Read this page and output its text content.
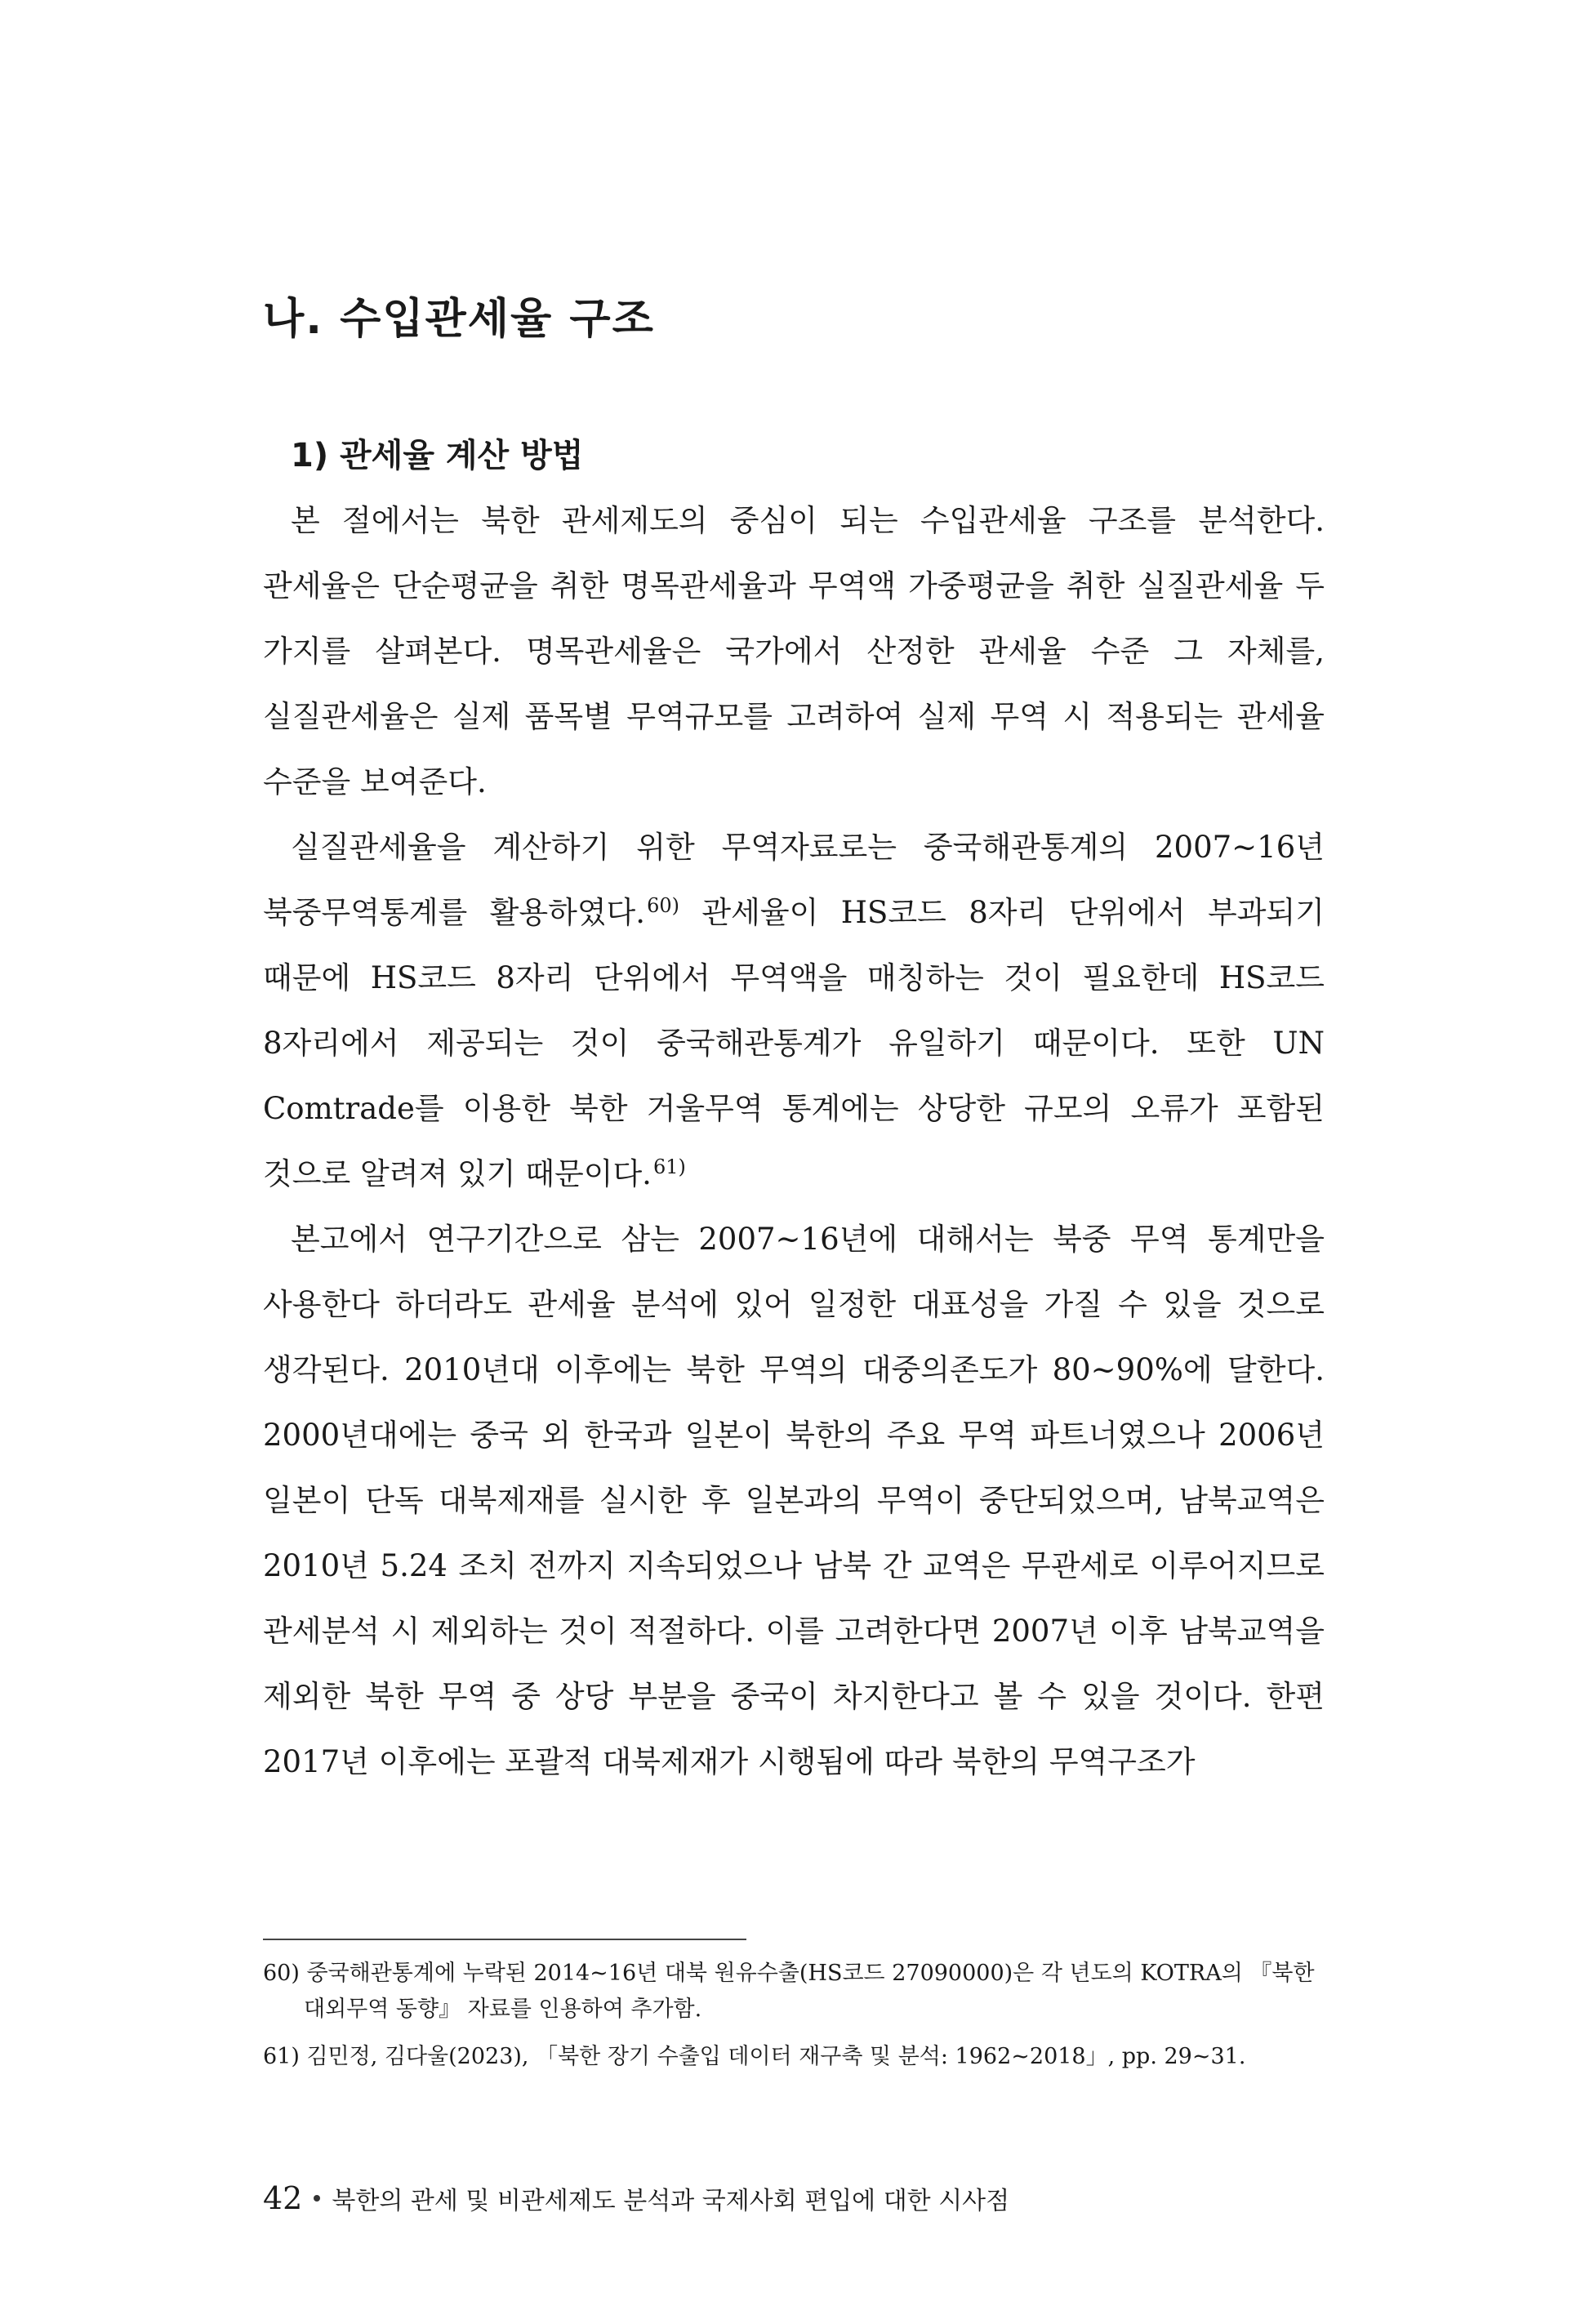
나. 수입관세율 구조
1) 관세율 계산 방법

본 절에서는 북한 관세제도의 중심이 되는 수입관세율 구조를 분석한다. 관세율은 단순평균을 취한 명목관세율과 무역액 가중평균을 취한 실질관세율 두 가지를 살펴본다. 명목관세율은 국가에서 산정한 관세율 수준 그 자체를, 실질관세율은 실제 품목별 무역규모를 고려하여 실제 무역 시 적용되는 관세율 수준을 보여준다.

실질관세율을 계산하기 위한 무역자료로는 중국해관통계의 2007~16년 북중무역통계를 활용하였다.$^{60)}$ 관세율이 HS코드 8자리 단위에서 부과되기 때문에 HS코드 8자리 단위에서 무역액을 매칭하는 것이 필요한데 HS코드 8자리에서 제공되는 것이 중국해관통계가 유일하기 때문이다. 또한 UN Comtrade를 이용한 북한 거울무역 통계에는 상당한 규모의 오류가 포함된 것으로 알려져 있기 때문이다.$^{61)}$

본고에서 연구기간으로 삼는 2007~16년에 대해서는 북중 무역 통계만을 사용한다 하더라도 관세율 분석에 있어 일정한 대표성을 가질 수 있을 것으로 생각된다. 2010년대 이후에는 북한 무역의 대중의존도가 80~90%에 달한다. 2000년대에는 중국 외 한국과 일본이 북한의 주요 무역 파트너였으나 2006년 일본이 단독 대북제재를 실시한 후 일본과의 무역이 중단되었으며, 남북교역은 2010년 5.24 조치 전까지 지속되었으나 남북 간 교역은 무관세로 이루어지므로 관세분석 시 제외하는 것이 적절하다. 이를 고려한다면 2007년 이후 남북교역을 제외한 북한 무역 중 상당 부분을 중국이 차지한다고 볼 수 있을 것이다. 한편 2017년 이후에는 포괄적 대북제재가 시행됨에 따라 북한의 무역구조가

60) 중국해관통계에 누락된 2014~16년 대북 원유수출(HS코드 27090000)은 각 년도의 KOTRA의 『북한 대외무역 동향』 자료를 인용하여 추가함.

61) 김민정, 김다울(2023), 「북한 장기 수출입 데이터 재구축 및 분석: 1962~2018」, pp. 29~31.

42 북한의 관세 및 비관세제도 분석과 국제사회 편입에 대한 시사점
